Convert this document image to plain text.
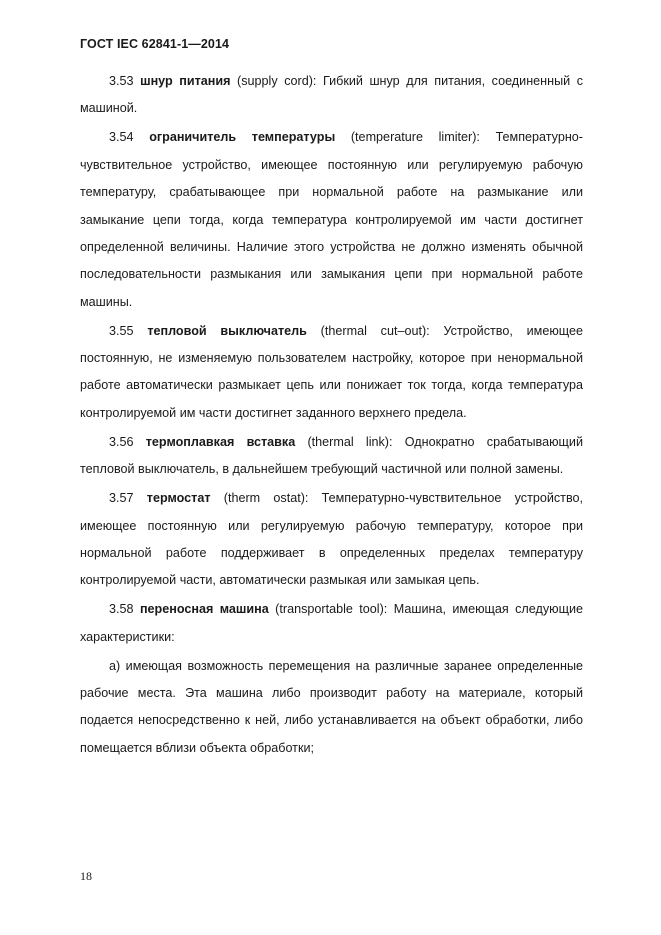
ГОСТ IEC 62841-1—2014

3.53 шнур питания (supply cord): Гибкий шнур для питания, соединенный с машиной.

3.54 ограничитель температуры (temperature limiter): Температурно-чувствительное устройство, имеющее постоянную или регулируемую рабочую температуру, срабатывающее при нормальной работе на размыкание или замыкание цепи тогда, когда температура контролируемой им части достигнет определенной величины. Наличие этого устройства не должно изменять обычной последовательности размыкания или замыкания цепи при нормальной работе машины.

3.55 тепловой выключатель (thermal cut–out): Устройство, имеющее постоянную, не изменяемую пользователем настройку, которое при ненормальной работе автоматически размыкает цепь или понижает ток тогда, когда температура контролируемой им части достигнет заданного верхнего предела.

3.56 термоплавкая вставка (thermal link): Однократно срабатывающий тепловой выключатель, в дальнейшем требующий частичной или полной замены.

3.57 термостат (therm ostat): Температурно-чувствительное устройство, имеющее постоянную или регулируемую рабочую температуру, которое при нормальной работе поддерживает в определенных пределах температуру контролируемой части, автоматически размыкая или замыкая цепь.

3.58 переносная машина (transportable tool): Машина, имеющая следующие характеристики:

а) имеющая возможность перемещения на различные заранее определенные рабочие места. Эта машина либо производит работу на материале, который подается непосредственно к ней, либо устанавливается на объект обработки, либо помещается вблизи объекта обработки;

18
